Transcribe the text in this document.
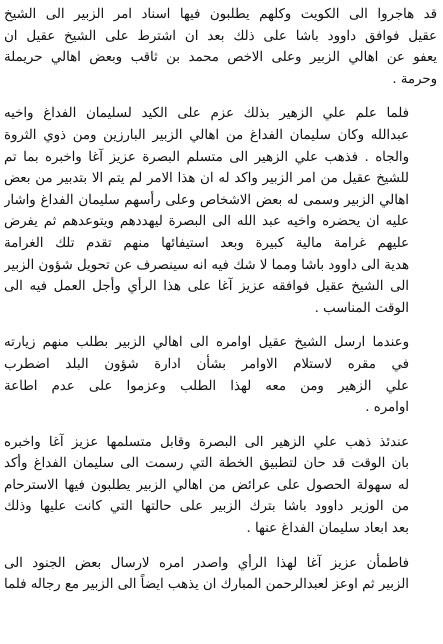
قد هاجروا الى الكويت وكلهم يطلبون فيها اسناد امر الزبير الى الشيخ
عقيل فوافق داوود باشا على ذلك بعد ان اشترط على الشيخ عقيل ان
يعفو عن اهالي الزبير وعلى الاخص محمد بن ثاقب وبعض اهالي حريملة
وحرمة .
فلما علم علي الزهير بذلك عزم على الكيد لسليمان الفداغ واخيه
عبدالله وكان سليمان الفداغ من اهالي الزبير البارزين ومن ذوي الثروة
والجاه . فذهب علي الزهير الى متسلم البصرة عزيز آغا واخبره بما تم
للشيخ عقيل من امر الزبير واكد له ان هذا الامر لم يتم الا بتدبير من بعض
اهالي الزبير وسمى له بعض الاشخاص وعلى رأسهم سليمان الفداغ واشار
عليه ان يحضره واخيه عبد الله الى البصرة ليهددهم ويتوعدهم ثم يفرض
عليهم غرامة مالية كبيرة وبعد استيفائها منهم تقدم تلك الغرامة
هدية الى داوود باشا ومما لا شك فيه انه سينصرف عن تحويل شؤون الزبير
الى الشيخ عقيل فوافقه عزيز آغا على هذا الرأي وأجل العمل فيه الى
الوقت المناسب .
وعندما ارسل الشيخ عقيل اوامره الى اهالي الزبير بطلب منهم زيارته
في مقره لاستلام الاوامر بشأن ادارة شؤون البلد اضطرب
علي الزهير ومن معه لهذا الطلب وعزموا على عدم اطاعة
اوامره .
عندئذ ذهب علي الزهير الى البصرة وقابل متسلمها عزيز آغا واخبره
بان الوقت قد حان لتطبيق الخطة التي رسمت الى سليمان الفداغ وأكد
له سهولة الحصول على عرائض من اهالي الزبير يطلبون فيها الاسترحام
من الوزير داوود باشا بترك الزبير على حالتها التي كانت عليها وذلك
بعد ابعاد سليمان الفداغ عنها .
فاطمأن عزيز آغا لهذا الرأي واصدر امره لارسال بعض الجنود الى
الزبير ثم اوعز لعبدالرحمن المبارك ان يذهب ايضاً الى الزبير مع رجاله فلما
